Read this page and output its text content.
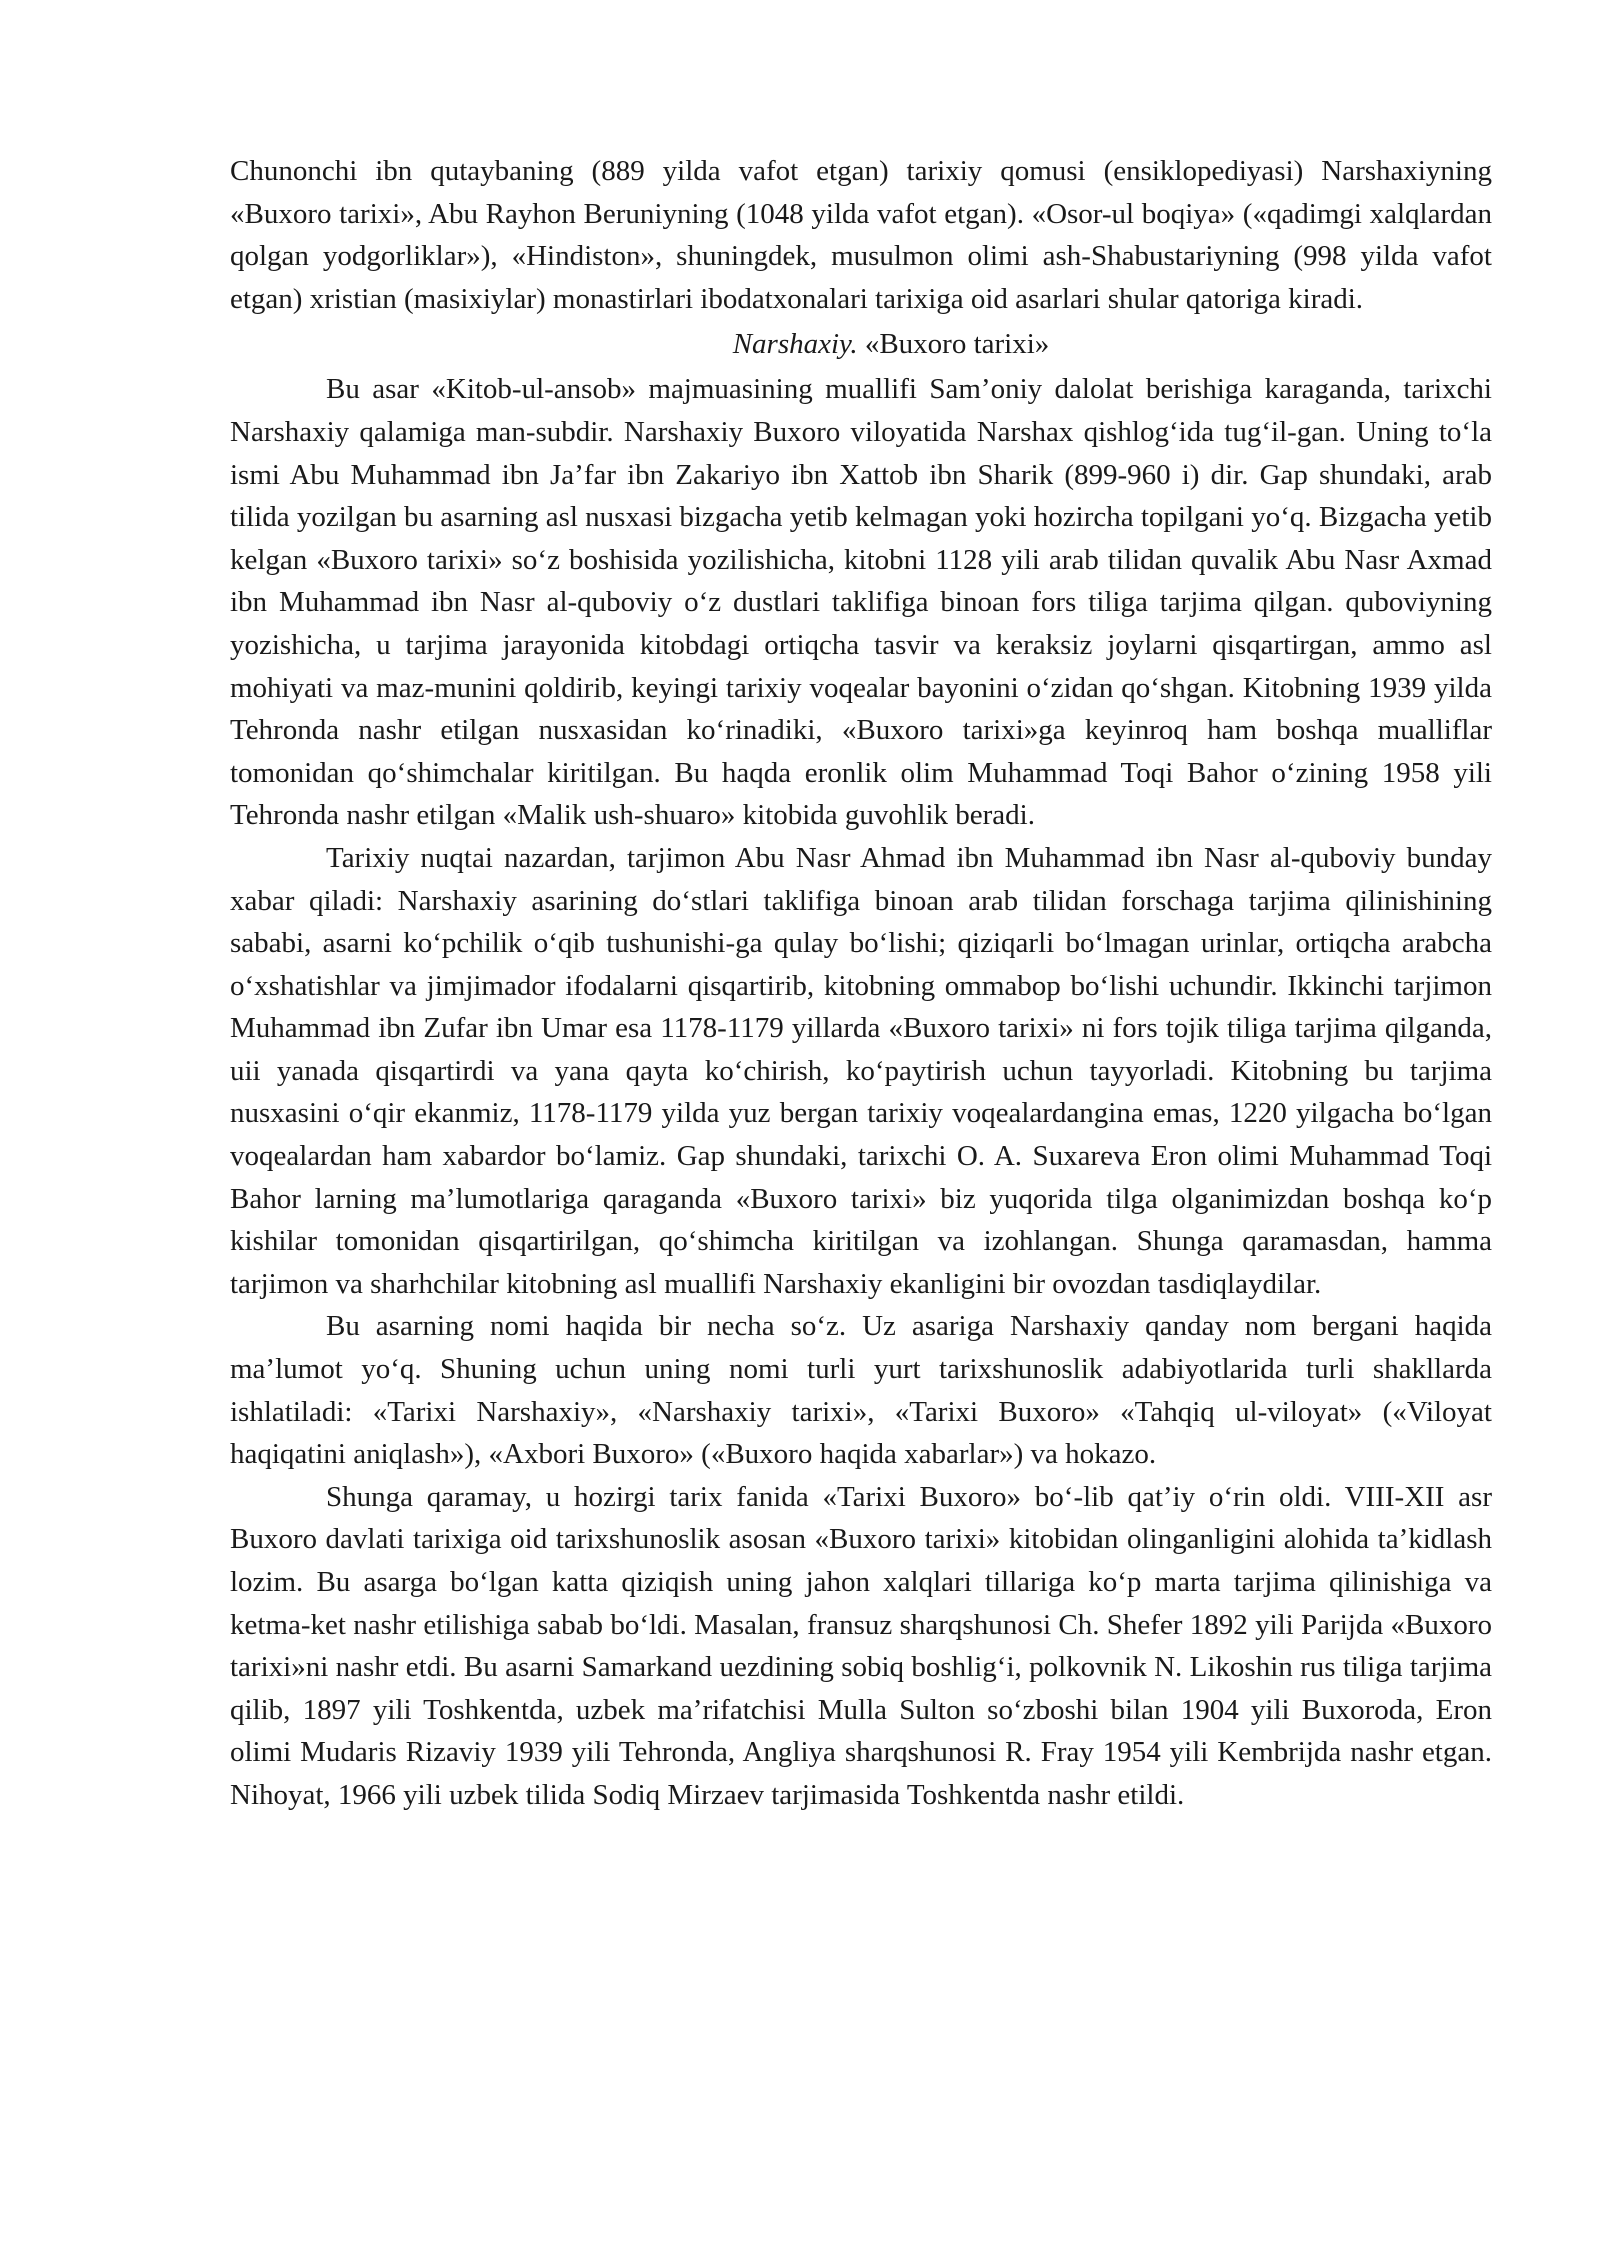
Chunonchi ibn qutaybaning (889 yilda vafot etgan) tarixiy qomusi (ensiklopediyasi) Narshaxiyning «Buxoro tarixi», Abu Rayhon Beruniyning (1048 yilda vafot etgan). «Osor-ul boqiya» («qadimgi xalqlardan qolgan yodgorliklar»), «Hindiston», shuningdek, musulmon olimi ash-Shabustariyning (998 yilda vafot etgan) xristian (masixiylar) monastirlari ibodatxonalari tarixiga oid asarlari shular qatoriga kiradi.

Narshaxiy. «Buxoro tarixi»

Bu asar «Kitob-ul-ansob» majmuasining muallifi Sam’oniy dalolat berishiga karaganda, tarixchi Narshaxiy qalamiga man-subdir. Narshaxiy Buxoro viloyatida Narshax qishlog‘ida tug‘il-gan. Uning to‘la ismi Abu Muhammad ibn Ja’far ibn Zakariyo ibn Xattob ibn Sharik (899-960 i) dir. Gap shundaki, arab tilida yozilgan bu asarning asl nusxasi bizgacha yetib kelmagan yoki hozircha topilgani yo‘q. Bizgacha yetib kelgan «Buxoro tarixi» so‘z boshisida yozilishicha, kitobni 1128 yili arab tilidan quvalik Abu Nasr Axmad ibn Muhammad ibn Nasr al-quboviy o‘z dustlari taklifiga binoan fors tiliga tarjima qilgan. quboviyning yozishicha, u tarjima jarayonida kitobdagi ortiqcha tasvir va keraksiz joylarni qisqartirgan, ammo asl mohiyati va maz-munini qoldirib, keyingi tarixiy voqealar bayonini o‘zidan qo‘shgan. Kitobning 1939 yilda Tehronda nashr etilgan nusxasidan ko‘rinadiki, «Buxoro tarixi»ga keyinroq ham boshqa mualliflar tomonidan qo‘shimchalar kiritilgan. Bu haqda eronlik olim Muhammad Toqi Bahor o‘zining 1958 yili Tehronda nashr etilgan «Malik ush-shuaro» kitobida guvohlik beradi.

Tarixiy nuqtai nazardan, tarjimon Abu Nasr Ahmad ibn Muhammad ibn Nasr al-quboviy bunday xabar qiladi: Narshaxiy asarining do‘stlari taklifiga binoan arab tilidan forschaga tarjima qilinishining sababi, asarni ko‘pchilik o‘qib tushunishi-ga qulay bo‘lishi; qiziqarli bo‘lmagan urinlar, ortiqcha arabcha o‘xshatishlar va jimjimador ifodalarni qisqartirib, kitobning ommabop bo‘lishi uchundir. Ikkinchi tarjimon Muhammad ibn Zufar ibn Umar esa 1178-1179 yillarda «Buxoro tarixi» ni fors tojik tiliga tarjima qilganda, uii yanada qisqartirdi va yana qayta ko‘chirish, ko‘paytirish uchun tayyorladi. Kitobning bu tarjima nusxasini o‘qir ekanmiz, 1178-1179 yilda yuz bergan tarixiy voqealardangina emas, 1220 yilgacha bo‘lgan voqealardan ham xabardor bo‘lamiz. Gap shundaki, tarixchi O. A. Suxareva Eron olimi Muhammad Toqi Bahor larning ma’lumotlariga qaraganda «Buxoro tarixi» biz yuqorida tilga olganimizdan boshqa ko‘p kishilar tomonidan qisqartirilgan, qo‘shimcha kiritilgan va izohlangan. Shunga qaramasdan, hamma tarjimon va sharhchilar kitobning asl muallifi Narshaxiy ekanligini bir ovozdan tasdiqlaydilar.

Bu asarning nomi haqida bir necha so‘z. Uz asariga Narshaxiy qanday nom bergani haqida ma’lumot yo‘q. Shuning uchun uning nomi turli yurt tarixshunoslik adabiyotlarida turli shakllarda ishlatiladi: «Tarixi Narshaxiy», «Narshaxiy tarixi», «Tarixi Buxoro» «Tahqiq ul-viloyat» («Viloyat haqiqatini aniqlash»), «Axbori Buxoro» («Buxoro haqida xabarlar») va hokazo.

Shunga qaramay, u hozirgi tarix fanida «Tarixi Buxoro» bo‘-lib qat’iy o‘rin oldi. VIII-XII asr Buxoro davlati tarixiga oid tarixshunoslik asosan «Buxoro tarixi» kitobidan olinganligini alohida ta’kidlash lozim. Bu asarga bo‘lgan katta qiziqish uning jahon xalqlari tillariga ko‘p marta tarjima qilinishiga va ketma-ket nashr etilishiga sabab bo‘ldi. Masalan, fransuz sharqshunosi Ch. Shefer 1892 yili Parijda «Buxoro tarixi»ni nashr etdi. Bu asarni Samarkand uezdining sobiq boshlig‘i, polkovnik N. Likoshin rus tiliga tarjima qilib, 1897 yili Toshkentda, uzbek ma’rifatchisi Mulla Sulton so‘zboshi bilan 1904 yili Buxoroda, Eron olimi Mudaris Rizaviy 1939 yili Tehronda, Angliya sharqshunosi R. Fray 1954 yili Kembrijda nashr etgan. Nihoyat, 1966 yili uzbek tilida Sodiq Mirzaev tarjimasida Toshkentda nashr etildi.
